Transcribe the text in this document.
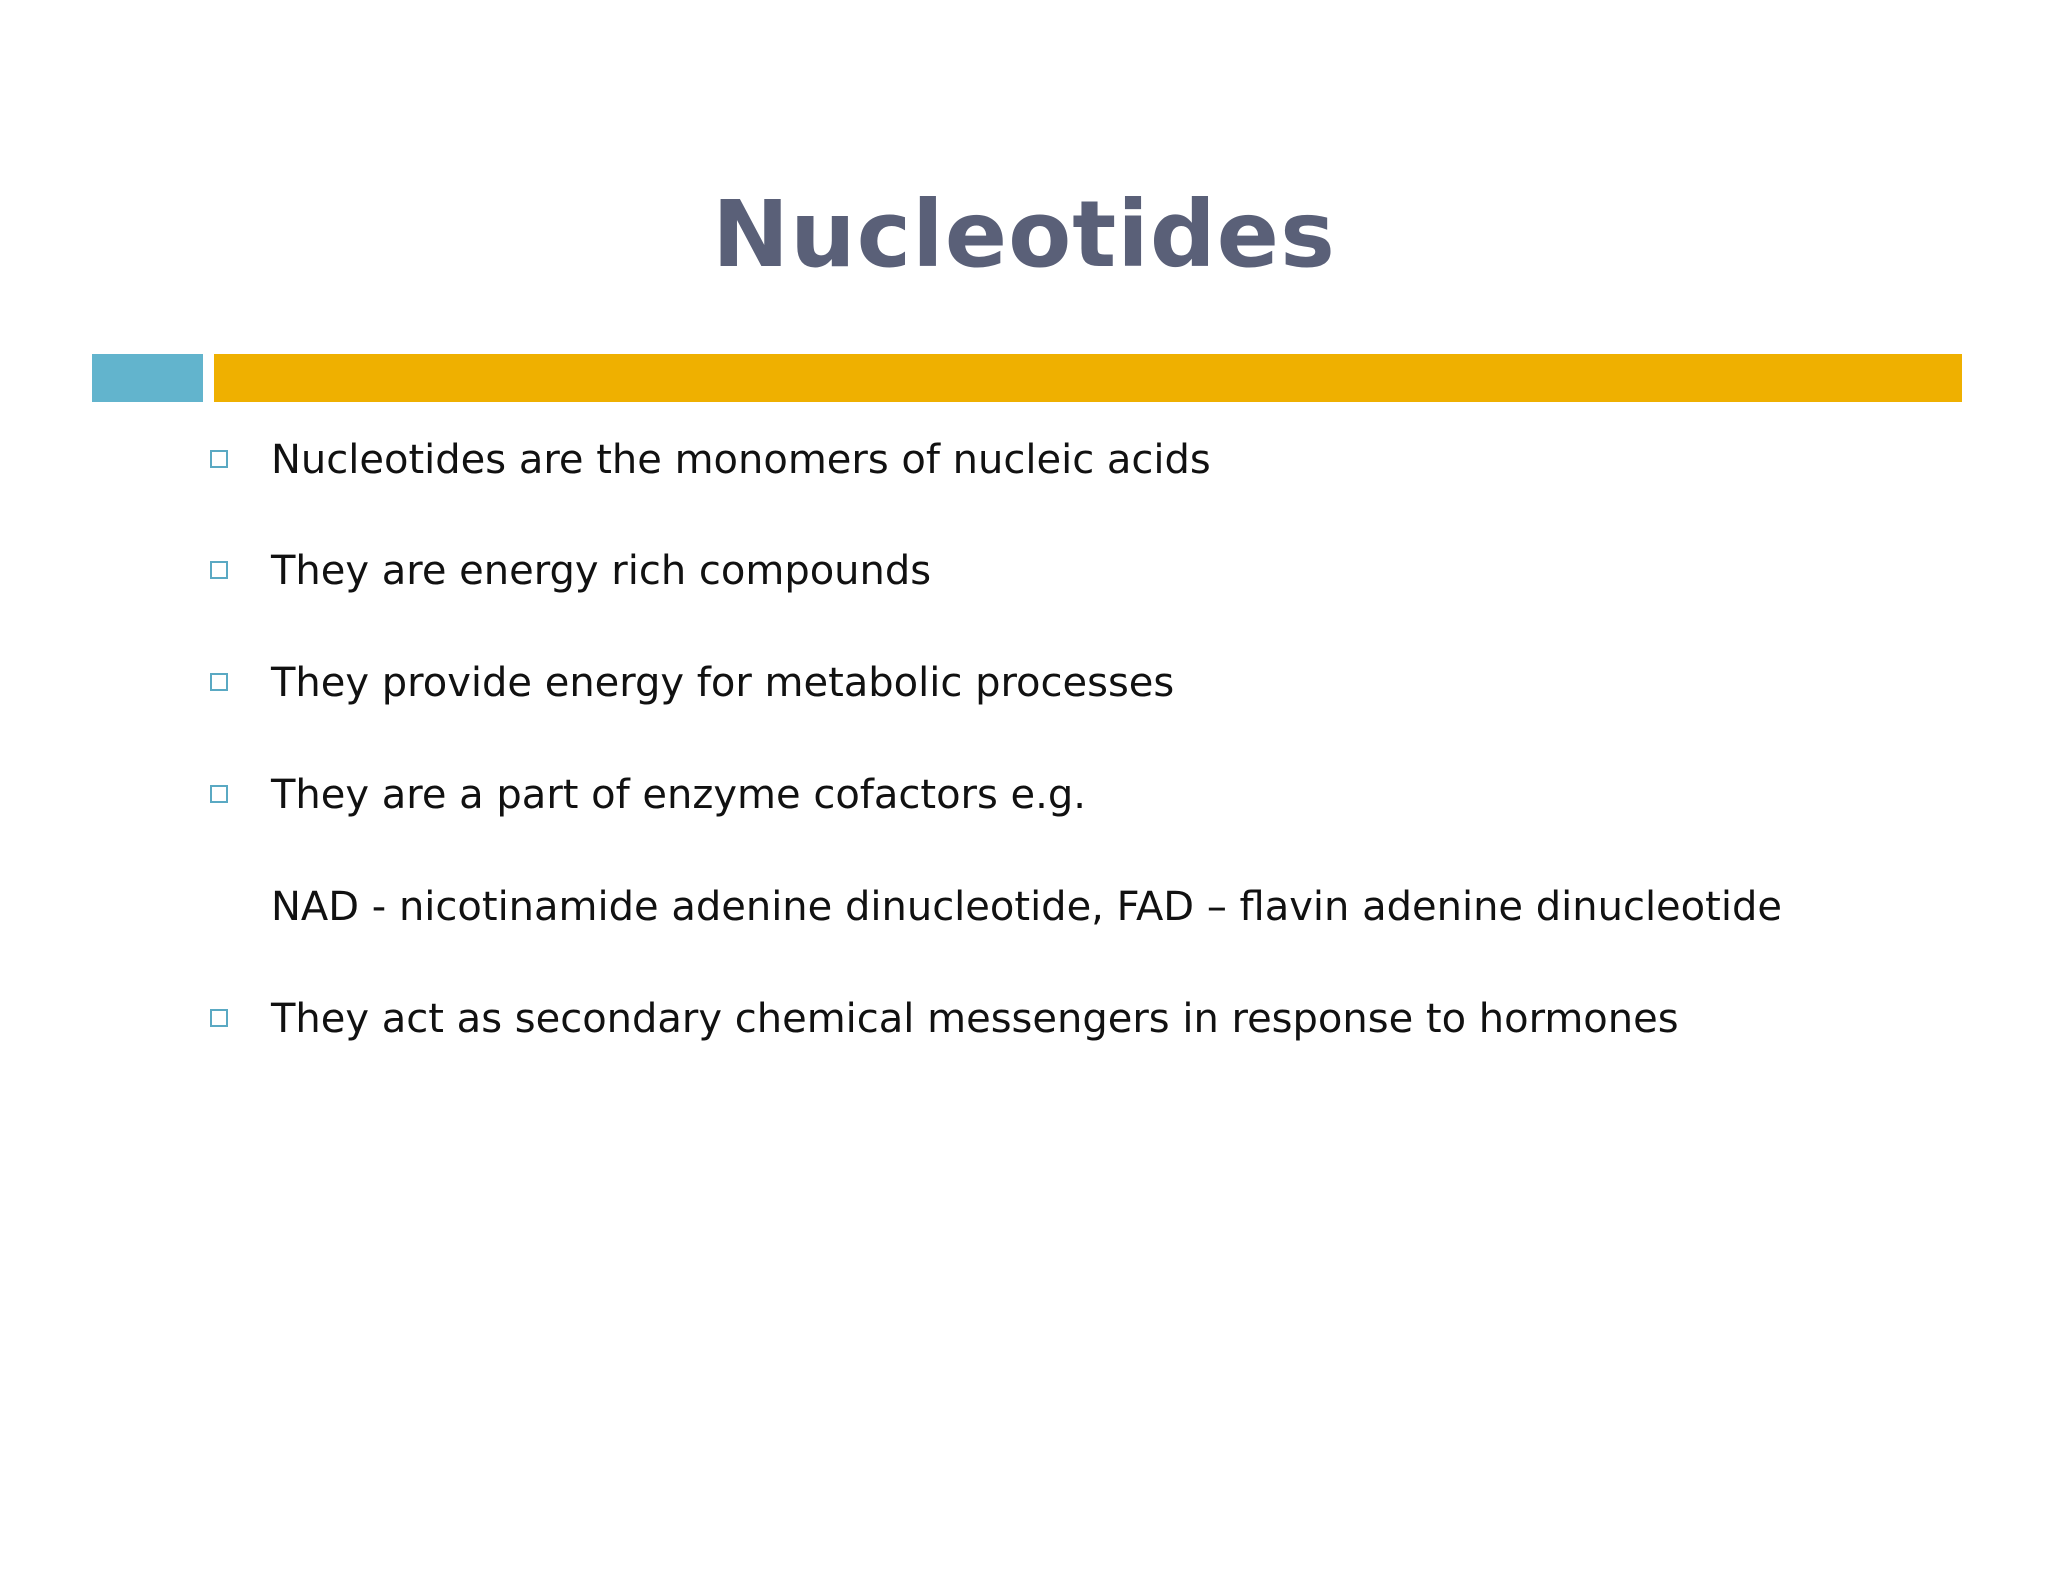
Nucleotides
Nucleotides are the monomers of nucleic acids
They are energy rich compounds
They provide energy for metabolic processes
They are a part of enzyme cofactors e.g.
NAD - nicotinamide adenine dinucleotide, FAD – flavin adenine dinucleotide
They act as secondary chemical messengers in response to hormones
